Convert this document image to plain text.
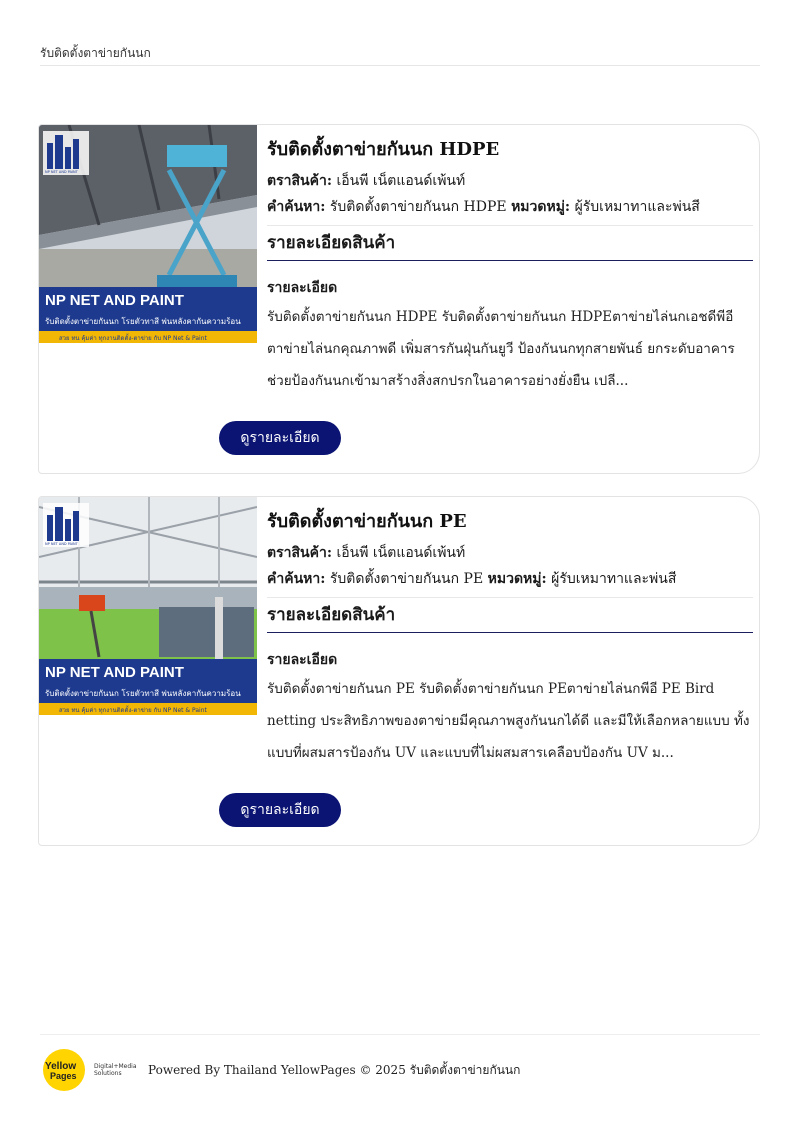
รับติดตั้งตาข่ายกันนก
NP NET AND PAINT
รับติดตั้งตาข่ายกันนก โรยตัวทาสี พ่นหลังคากันความร้อน
สวย ทน คุ้มค่า ทุกงานติดตั้ง-ตาข่าย กับ NP Net & Paint
NP NET AND PAINT
รับติดตั้งตาข่ายกันนก HDPE
ตราสินค้า: เอ็นพี เน็ตแอนด์เพ้นท์
คำค้นหา: รับติดตั้งตาข่ายกันนก HDPE หมวดหมู่: ผู้รับเหมาทาและพ่นสี
รายละเอียดสินค้า
รายละเอียด
รับติดตั้งตาข่ายกันนก HDPE รับติดตั้งตาข่ายกันนก HDPEตาข่ายไล่นกเอชดีพีอี ตาข่ายไล่นกคุณภาพดี เพิ่มสารกันฝุ่นกันยูวี ป้องกันนกทุกสายพันธ์ ยกระดับอาคารช่วยป้องกันนกเข้ามาสร้างสิ่งสกปรกในอาคารอย่างยั่งยืน เปลี...
ดูรายละเอียด
NP NET AND PAINT
รับติดตั้งตาข่ายกันนก โรยตัวทาสี พ่นหลังคากันความร้อน
สวย ทน คุ้มค่า ทุกงานติดตั้ง-ตาข่าย กับ NP Net & Paint
NP NET AND PAINT
รับติดตั้งตาข่ายกันนก PE
ตราสินค้า: เอ็นพี เน็ตแอนด์เพ้นท์
คำค้นหา: รับติดตั้งตาข่ายกันนก PE หมวดหมู่: ผู้รับเหมาทาและพ่นสี
รายละเอียดสินค้า
รายละเอียด
รับติดตั้งตาข่ายกันนก PE รับติดตั้งตาข่ายกันนก PEตาข่ายไล่นกพีอี PE Bird netting ประสิทธิภาพของตาข่ายมีคุณภาพสูงกันนกได้ดี และมีให้เลือกหลายแบบ ทั้งแบบที่ผสมสารป้องกัน UV และแบบที่ไม่ผสมสารเคลือบป้องกัน UV ม...
ดูรายละเอียด
Yellow
Pages
Digital+Media Solutions	Powered By Thailand YellowPages © 2025 รับติดตั้งตาข่ายกันนก
